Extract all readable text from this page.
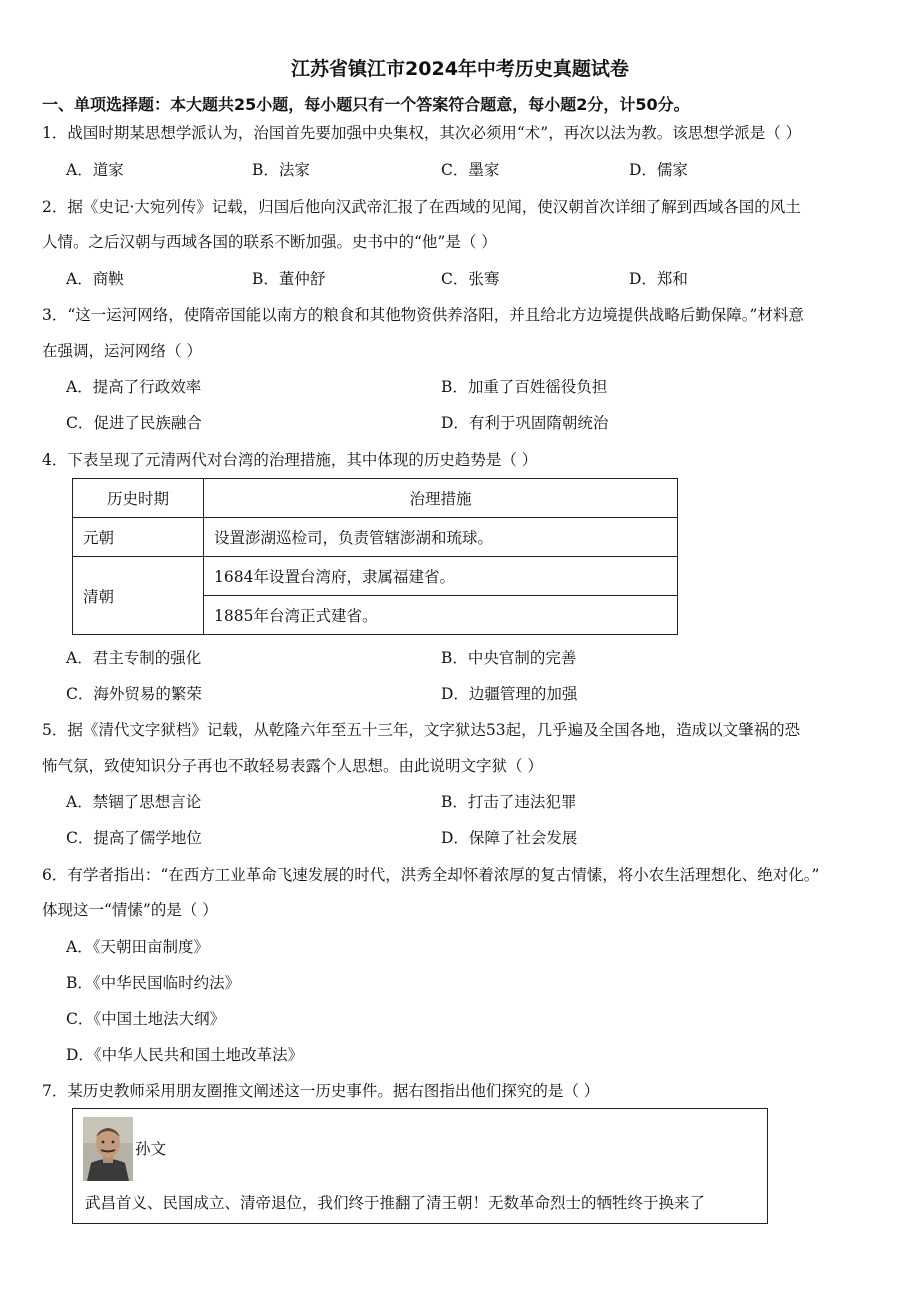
江苏省镇江市2024年中考历史真题试卷
一、单项选择题：本大题共25小题，每小题只有一个答案符合题意，每小题2分，计50分。
1．战国时期某思想学派认为，治国首先要加强中央集权，其次必须用“术”，再次以法为教。该思想学派是（ ）
A．道家	B．法家	C．墨家	D．儒家
2．据《史记·大宛列传》记载，归国后他向汉武帝汇报了在西域的见闻，使汉朝首次详细了解到西域各国的风土
人情。之后汉朝与西域各国的联系不断加强。史书中的“他”是（ ）
A．商鞅	B．董仲舒	C．张骞	D．郑和
3．“这一运河网络，使隋帝国能以南方的粮食和其他物资供养洛阳，并且给北方边境提供战略后勤保障。”材料意
在强调，运河网络（ ）
A．提高了行政效率	B．加重了百姓徭役负担
C．促进了民族融合	D．有利于巩固隋朝统治
4．下表呈现了元清两代对台湾的治理措施，其中体现的历史趋势是（ ）
历史时期	治理措施
元朝	设置澎湖巡检司，负责管辖澎湖和琉球。
清朝	1684年设置台湾府，隶属福建省。
	1885年台湾正式建省。
A．君主专制的强化	B．中央官制的完善
C．海外贸易的繁荣	D．边疆管理的加强
5．据《清代文字狱档》记载，从乾隆六年至五十三年，文字狱达53起，几乎遍及全国各地，造成以文肇祸的恐
怖气氛，致使知识分子再也不敢轻易表露个人思想。由此说明文字狱（ ）
A．禁锢了思想言论	B．打击了违法犯罪
C．提高了儒学地位	D．保障了社会发展
6．有学者指出：“在西方工业革命飞速发展的时代，洪秀全却怀着浓厚的复古情愫，将小农生活理想化、绝对化。”
体现这一“情愫”的是（ ）
A．《天朝田亩制度》
B．《中华民国临时约法》
C．《中国土地法大纲》
D．《中华人民共和国土地改革法》
7．某历史教师采用朋友圈推文阐述这一历史事件。据右图指出他们探究的是（ ）
孙文
武昌首义、民国成立、清帝退位，我们终于推翻了清王朝！无数革命烈士的牺牲终于换来了
